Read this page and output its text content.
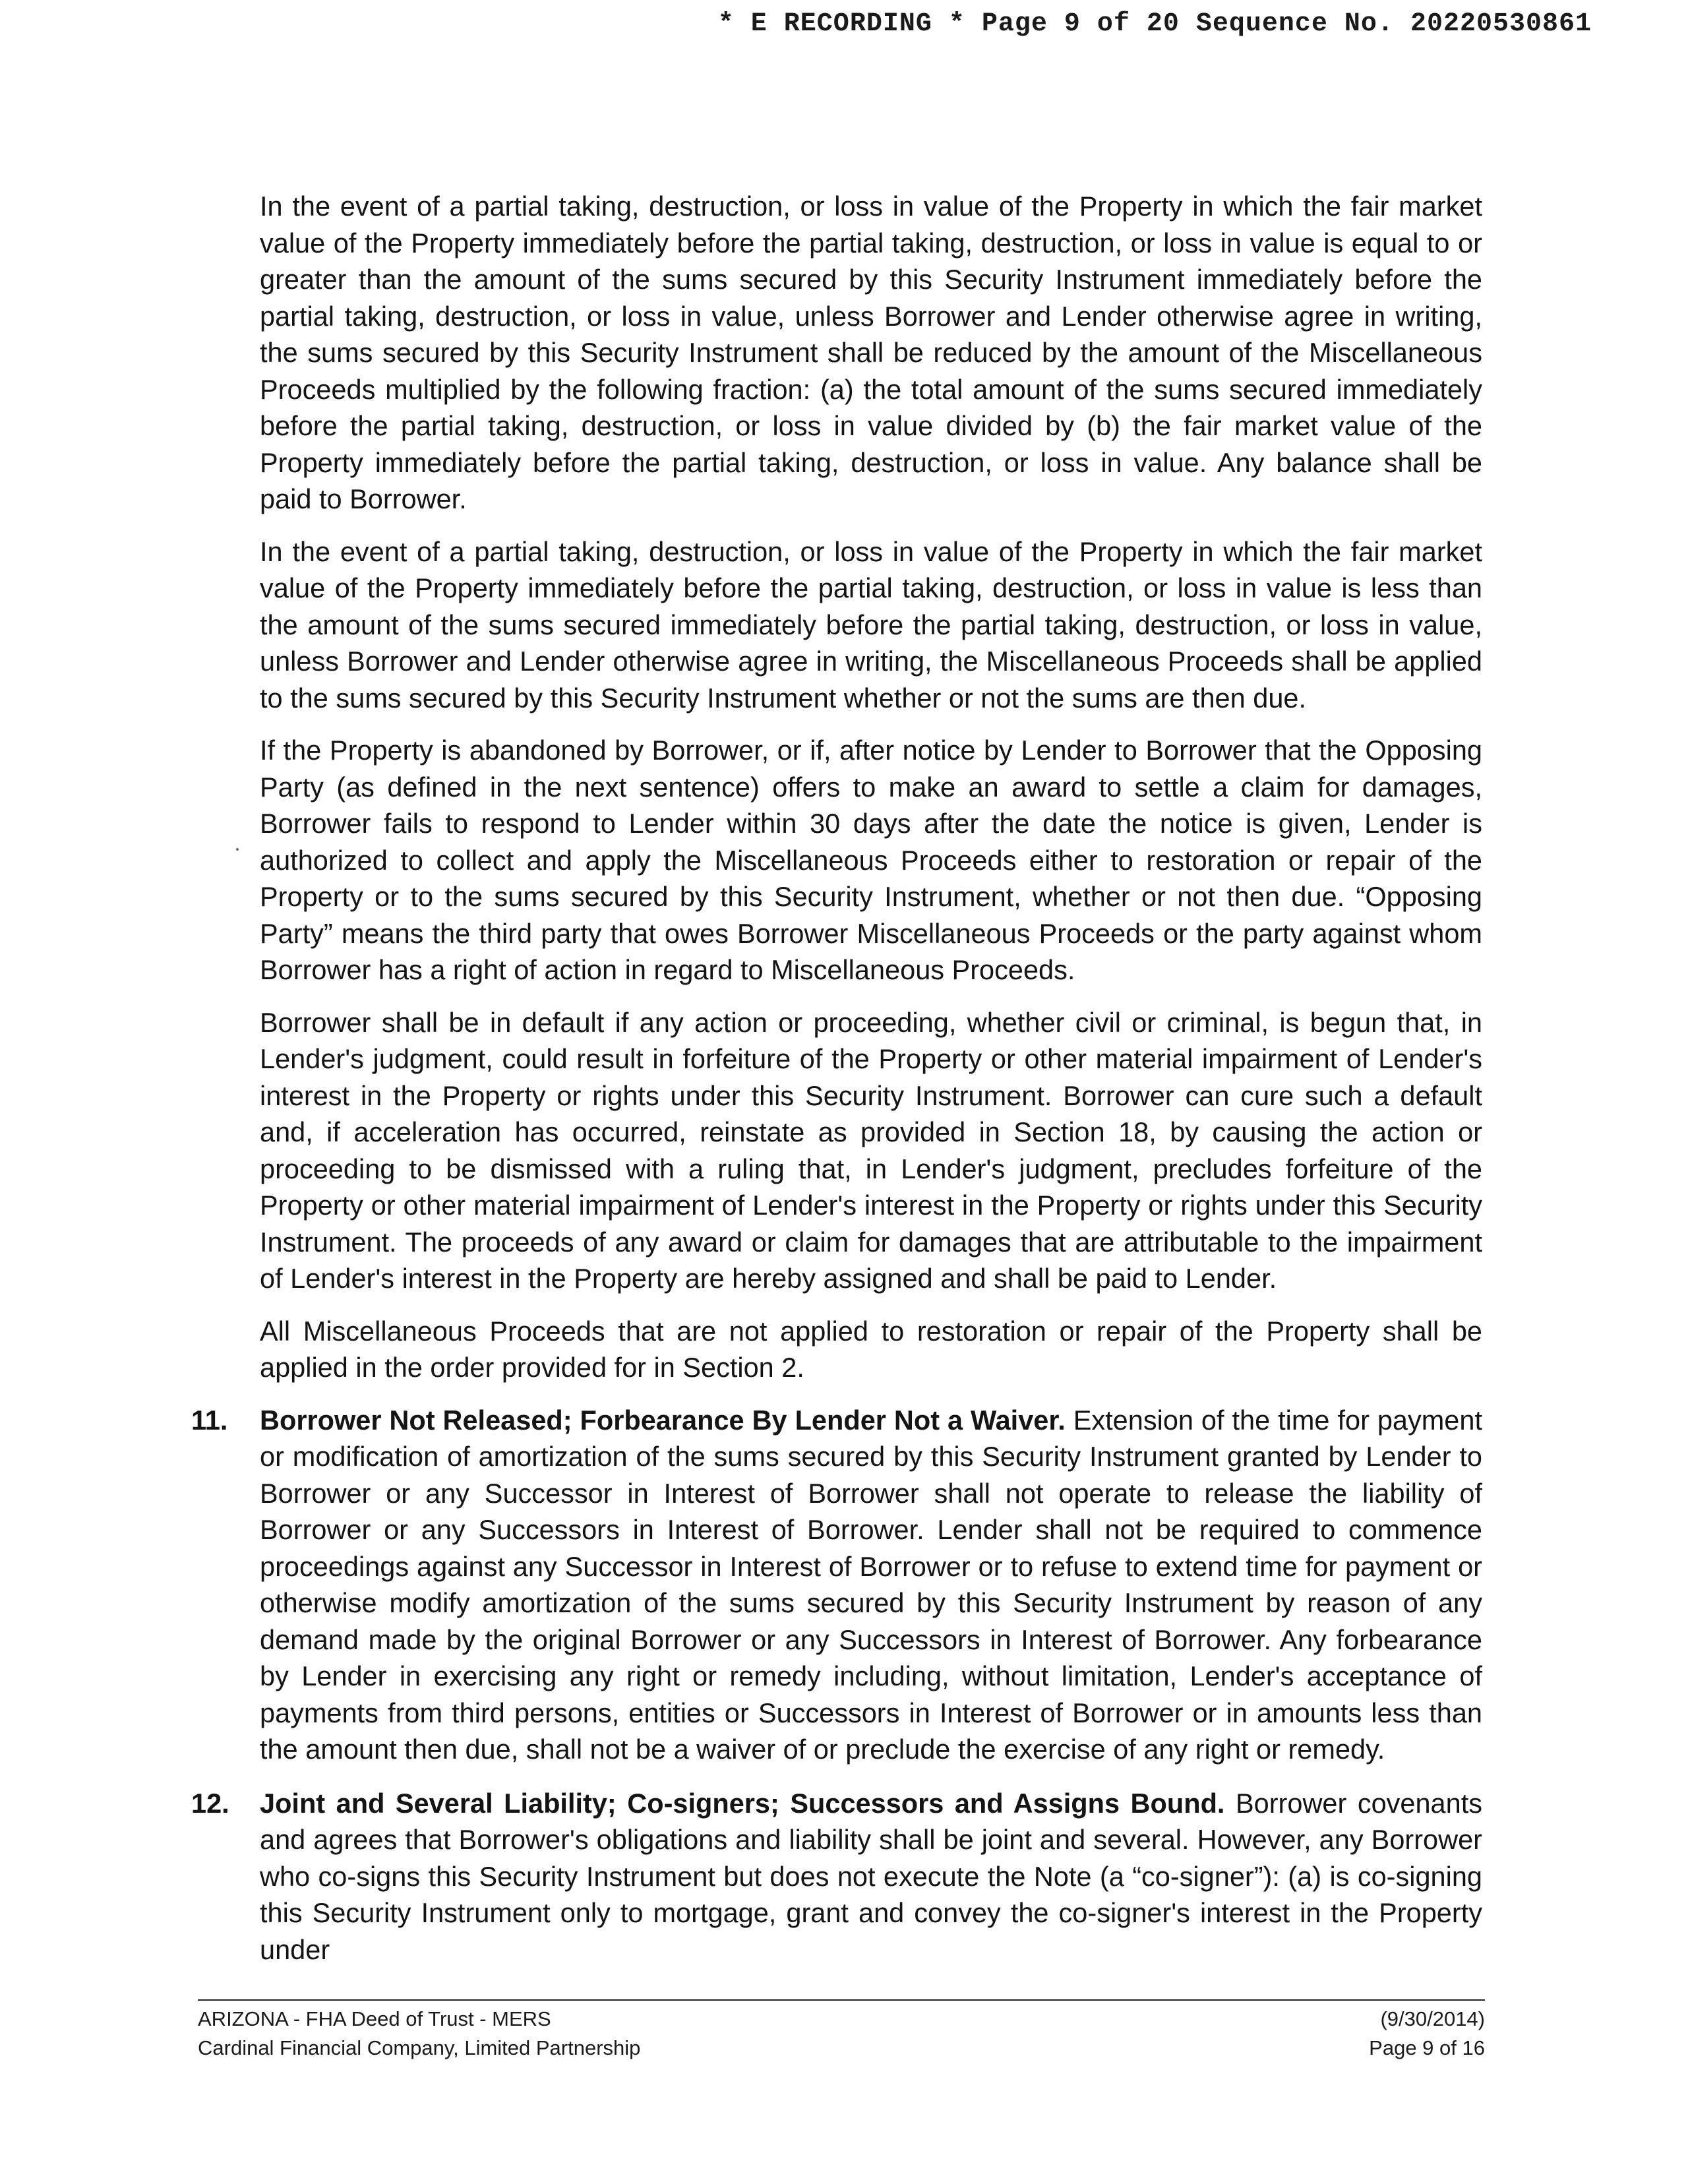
* E RECORDING * Page 9 of 20 Sequence No. 20220530861

In the event of a partial taking, destruction, or loss in value of the Property in which the fair market value of the Property immediately before the partial taking, destruction, or loss in value is equal to or greater than the amount of the sums secured by this Security Instrument immediately before the partial taking, destruction, or loss in value, unless Borrower and Lender otherwise agree in writing, the sums secured by this Security Instrument shall be reduced by the amount of the Miscellaneous Proceeds multiplied by the following fraction: (a) the total amount of the sums secured immediately before the partial taking, destruction, or loss in value divided by (b) the fair market value of the Property immediately before the partial taking, destruction, or loss in value. Any balance shall be paid to Borrower.

In the event of a partial taking, destruction, or loss in value of the Property in which the fair market value of the Property immediately before the partial taking, destruction, or loss in value is less than the amount of the sums secured immediately before the partial taking, destruction, or loss in value, unless Borrower and Lender otherwise agree in writing, the Miscellaneous Proceeds shall be applied to the sums secured by this Security Instrument whether or not the sums are then due.

If the Property is abandoned by Borrower, or if, after notice by Lender to Borrower that the Opposing Party (as defined in the next sentence) offers to make an award to settle a claim for damages, Borrower fails to respond to Lender within 30 days after the date the notice is given, Lender is authorized to collect and apply the Miscellaneous Proceeds either to restoration or repair of the Property or to the sums secured by this Security Instrument, whether or not then due. “Opposing Party” means the third party that owes Borrower Miscellaneous Proceeds or the party against whom Borrower has a right of action in regard to Miscellaneous Proceeds.

Borrower shall be in default if any action or proceeding, whether civil or criminal, is begun that, in Lender's judgment, could result in forfeiture of the Property or other material impairment of Lender's interest in the Property or rights under this Security Instrument. Borrower can cure such a default and, if acceleration has occurred, reinstate as provided in Section 18, by causing the action or proceeding to be dismissed with a ruling that, in Lender's judgment, precludes forfeiture of the Property or other material impairment of Lender's interest in the Property or rights under this Security Instrument. The proceeds of any award or claim for damages that are attributable to the impairment of Lender's interest in the Property are hereby assigned and shall be paid to Lender.

All Miscellaneous Proceeds that are not applied to restoration or repair of the Property shall be applied in the order provided for in Section 2.

11. Borrower Not Released; Forbearance By Lender Not a Waiver. Extension of the time for payment or modification of amortization of the sums secured by this Security Instrument granted by Lender to Borrower or any Successor in Interest of Borrower shall not operate to release the liability of Borrower or any Successors in Interest of Borrower. Lender shall not be required to commence proceedings against any Successor in Interest of Borrower or to refuse to extend time for payment or otherwise modify amortization of the sums secured by this Security Instrument by reason of any demand made by the original Borrower or any Successors in Interest of Borrower. Any forbearance by Lender in exercising any right or remedy including, without limitation, Lender's acceptance of payments from third persons, entities or Successors in Interest of Borrower or in amounts less than the amount then due, shall not be a waiver of or preclude the exercise of any right or remedy.
12. Joint and Several Liability; Co-signers; Successors and Assigns Bound. Borrower covenants and agrees that Borrower's obligations and liability shall be joint and several. However, any Borrower who co-signs this Security Instrument but does not execute the Note (a “co-signer”): (a) is co-signing this Security Instrument only to mortgage, grant and convey the co-signer's interest in the Property under
ARIZONA - FHA Deed of Trust - MERS	(9/30/2014)
Cardinal Financial Company, Limited Partnership	Page 9 of 16
